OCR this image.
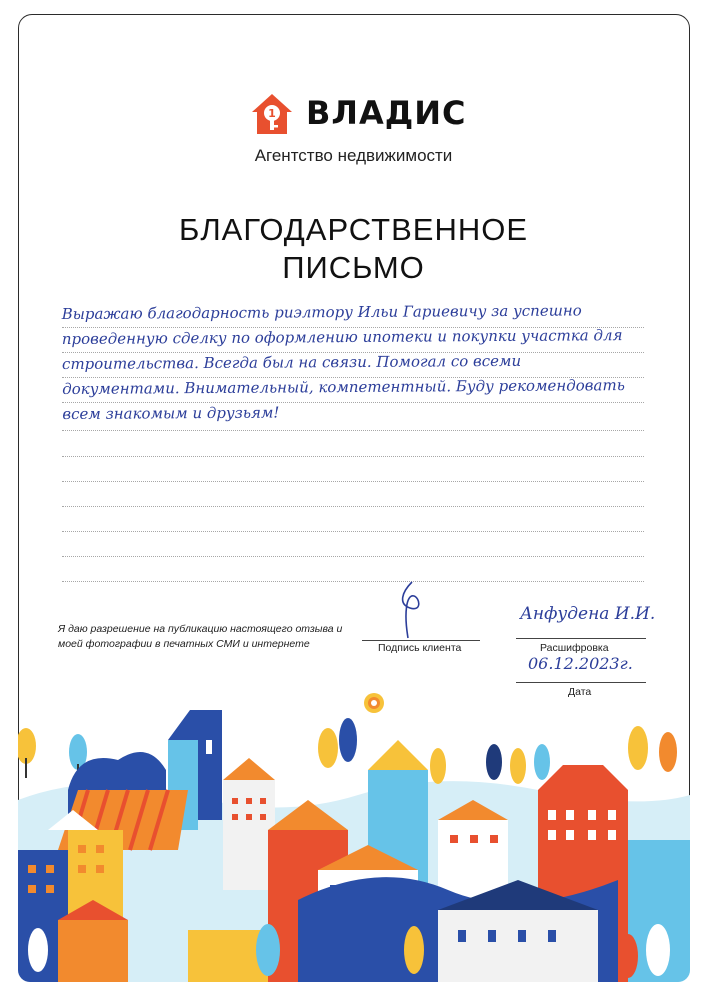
1 ВЛАДИС
Агентство недвижимости
БЛАГОДАРСТВЕННОЕ
ПИСЬМО
Выражаю благодарность риэлтору Ильи Гариевичу за успешно проведенную сделку по оформлению ипотеки и покупки участка для строительства. Всегда был на связи. Помогал со всеми документами. Внимательный, компетентный. Буду рекомендовать всем знакомым и друзьям!
Я даю разрешение на публикацию настоящего отзыва и моей фотографии в печатных СМИ и интернете	Подпись клиента
Анфудена И.И.
Расшифровка
06.12.2023г.
Дата
